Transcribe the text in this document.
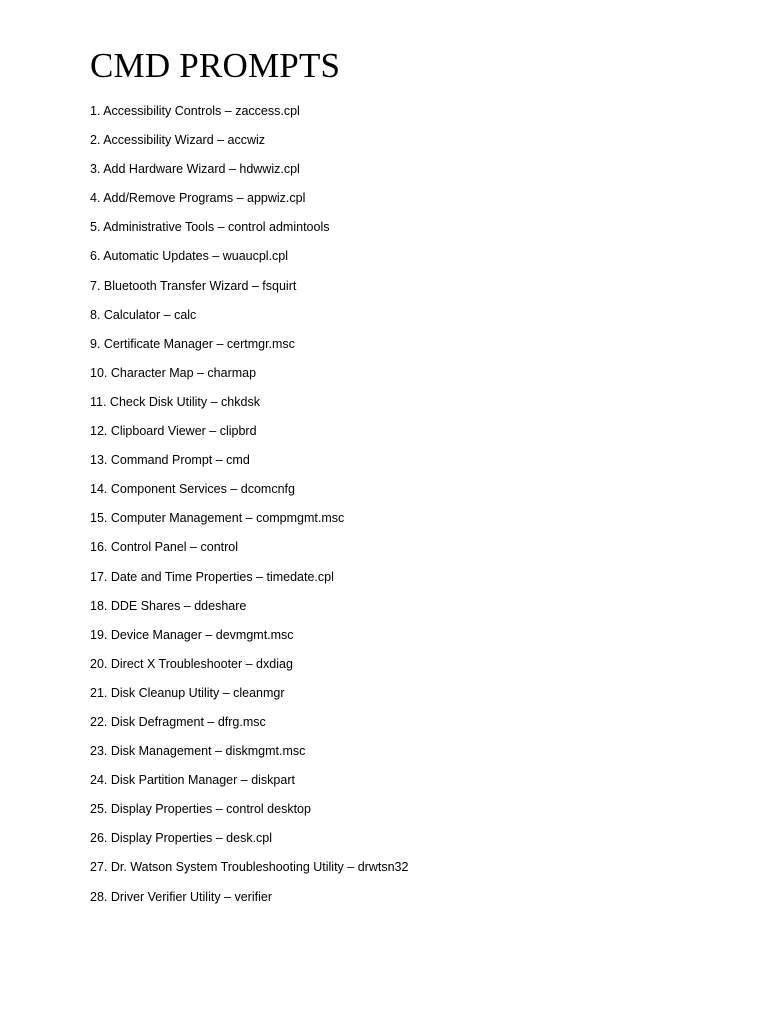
CMD PROMPTS
1. Accessibility Controls – zaccess.cpl
2. Accessibility Wizard – accwiz
3. Add Hardware Wizard – hdwwiz.cpl
4. Add/Remove Programs – appwiz.cpl
5. Administrative Tools – control admintools
6. Automatic Updates – wuaucpl.cpl
7. Bluetooth Transfer Wizard – fsquirt
8. Calculator – calc
9. Certificate Manager – certmgr.msc
10. Character Map – charmap
11. Check Disk Utility – chkdsk
12. Clipboard Viewer – clipbrd
13. Command Prompt – cmd
14. Component Services – dcomcnfg
15. Computer Management – compmgmt.msc
16. Control Panel – control
17. Date and Time Properties – timedate.cpl
18. DDE Shares – ddeshare
19. Device Manager – devmgmt.msc
20. Direct X Troubleshooter – dxdiag
21. Disk Cleanup Utility – cleanmgr
22. Disk Defragment – dfrg.msc
23. Disk Management – diskmgmt.msc
24. Disk Partition Manager – diskpart
25. Display Properties – control desktop
26. Display Properties – desk.cpl
27. Dr. Watson System Troubleshooting Utility – drwtsn32
28. Driver Verifier Utility – verifier
